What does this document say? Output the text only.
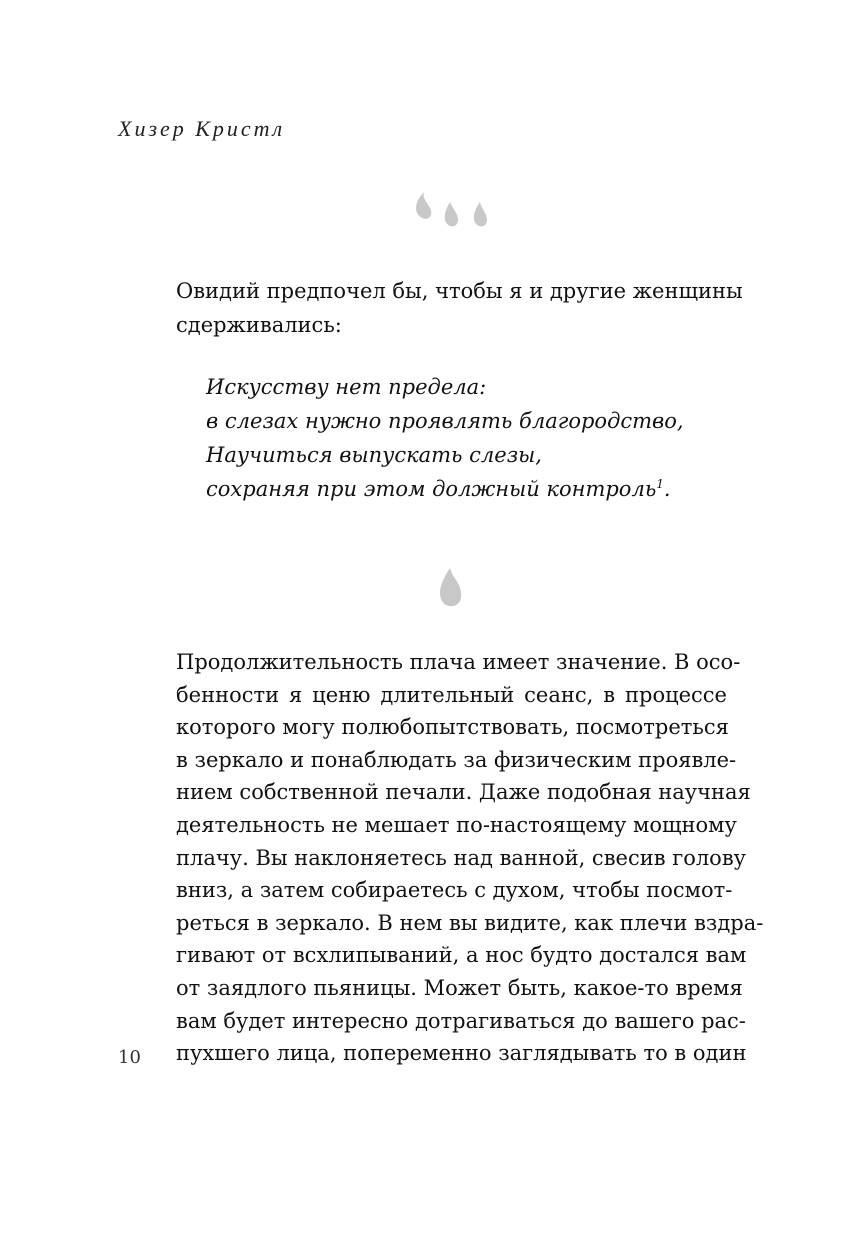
Хизер Кристл

Овидий предпочел бы, чтобы я и другие женщины
сдерживались:

Искусству нет предела:
в слезах нужно проявлять благородство,
Научиться выпускать слезы,
сохраняя при этом должный контроль$^1$.

Продолжительность плача имеет значение. В осо-
бенности я ценю длительный сеанс, в процессе
которого могу полюбопытствовать, посмотреться
в зеркало и понаблюдать за физическим проявле-
нием собственной печали. Даже подобная научная
деятельность не мешает по-настоящему мощному
плачу. Вы наклоняетесь над ванной, свесив голову
вниз, а затем собираетесь с духом, чтобы посмот-
реться в зеркало. В нем вы видите, как плечи вздра-
гивают от всхлипываний, а нос будто достался вам
от заядлого пьяницы. Может быть, какое-то время
вам будет интересно дотрагиваться до вашего рас-
пухшего лица, попеременно заглядывать то в один

10
